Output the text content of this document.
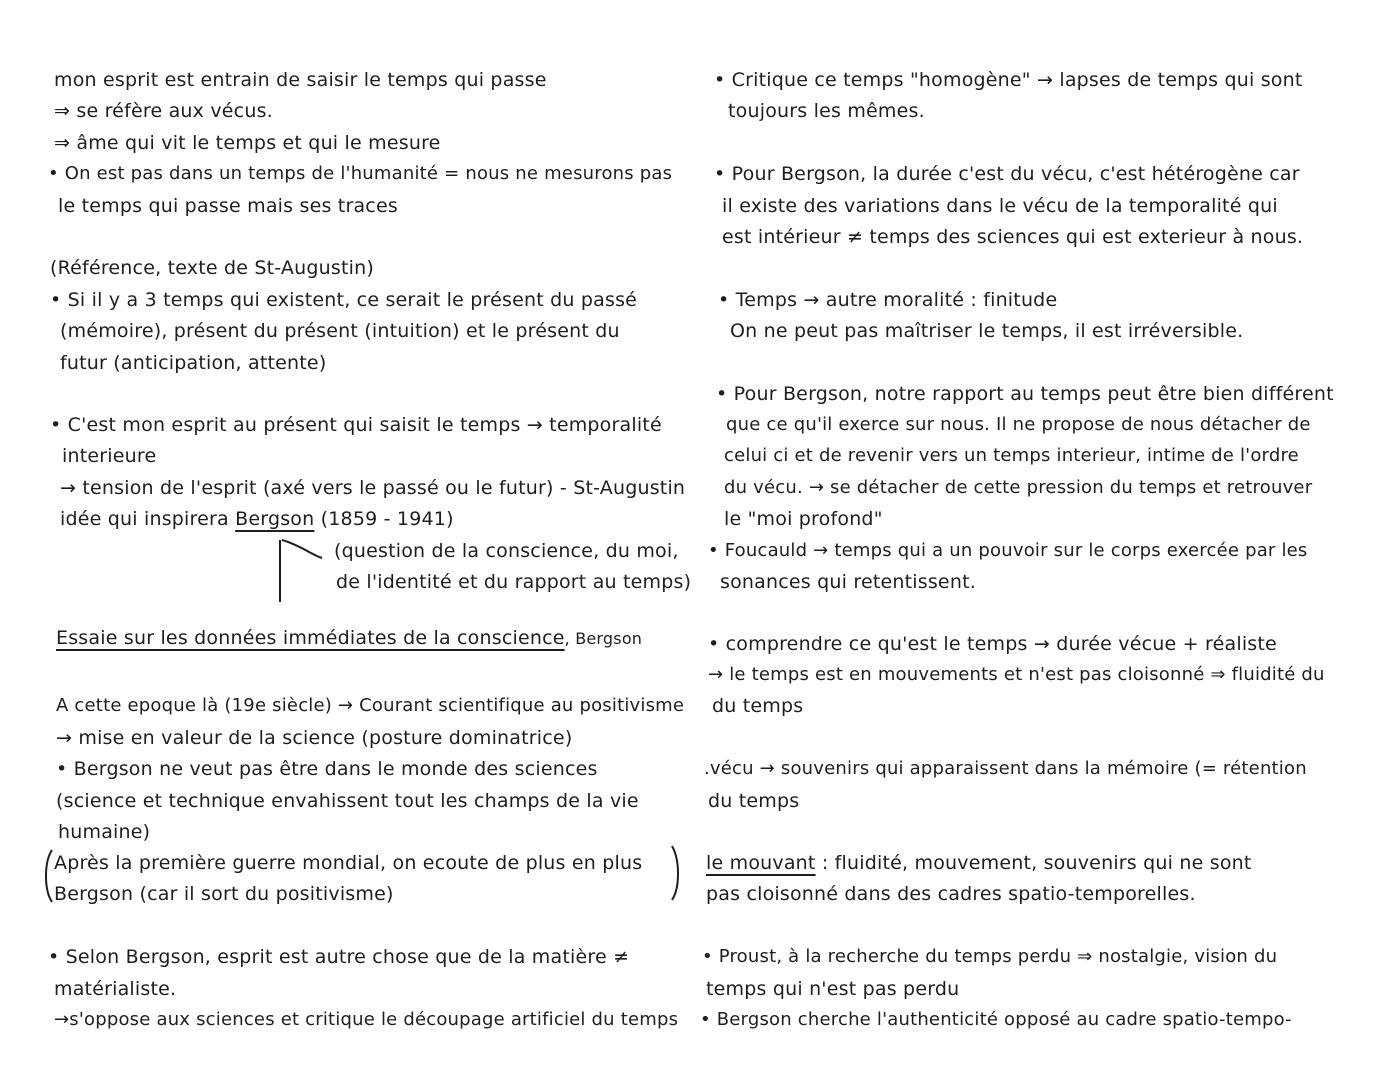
mon esprit est entrain de saisir le temps qui passe
⇒ se réfère aux vécus.
⇒ âme qui vit le temps et qui le mesure
• On est pas dans un temps de l'humanité = nous ne mesurons pas
le temps qui passe mais ses traces
(Référence, texte de St-Augustin)
• Si il y a 3 temps qui existent, ce serait le présent du passé
(mémoire), présent du présent (intuition) et le présent du
futur (anticipation, attente)
• C'est mon esprit au présent qui saisit le temps → temporalité
interieure
→ tension de l'esprit (axé vers le passé ou le futur) - St-Augustin
idée qui inspirera Bergson (1859 - 1941)
(question de la conscience, du moi,
de l'identité et du rapport au temps)
Essaie sur les données immédiates de la conscience, Bergson
A cette epoque là (19e siècle) → Courant scientifique au positivisme
→ mise en valeur de la science (posture dominatrice)
• Bergson ne veut pas être dans le monde des sciences
(science et technique envahissent tout les champs de la vie
humaine)
Après la première guerre mondial, on ecoute de plus en plus
Bergson (car il sort du positivisme)
• Selon Bergson, esprit est autre chose que de la matière ≠
matérialiste.
→s'oppose aux sciences et critique le découpage artificiel du temps
• Critique ce temps "homogène" → lapses de temps qui sont
toujours les mêmes.
• Pour Bergson, la durée c'est du vécu, c'est hétérogène car
il existe des variations dans le vécu de la temporalité qui
est intérieur ≠ temps des sciences qui est exterieur à nous.
• Temps → autre moralité : finitude
On ne peut pas maîtriser le temps, il est irréversible.
• Pour Bergson, notre rapport au temps peut être bien différent
que ce qu'il exerce sur nous. Il ne propose de nous détacher de
celui ci et de revenir vers un temps interieur, intime de l'ordre
du vécu. → se détacher de cette pression du temps et retrouver
le "moi profond"
• Foucauld → temps qui a un pouvoir sur le corps exercée par les
sonances qui retentissent.
• comprendre ce qu'est le temps → durée vécue + réaliste
→ le temps est en mouvements et n'est pas cloisonné ⇒ fluidité du
du temps
.vécu → souvenirs qui apparaissent dans la mémoire (= rétention
du temps
le mouvant : fluidité, mouvement, souvenirs qui ne sont
pas cloisonné dans des cadres spatio-temporelles.
• Proust, à la recherche du temps perdu ⇒ nostalgie, vision du
temps qui n'est pas perdu
• Bergson cherche l'authenticité opposé au cadre spatio-tempo-
